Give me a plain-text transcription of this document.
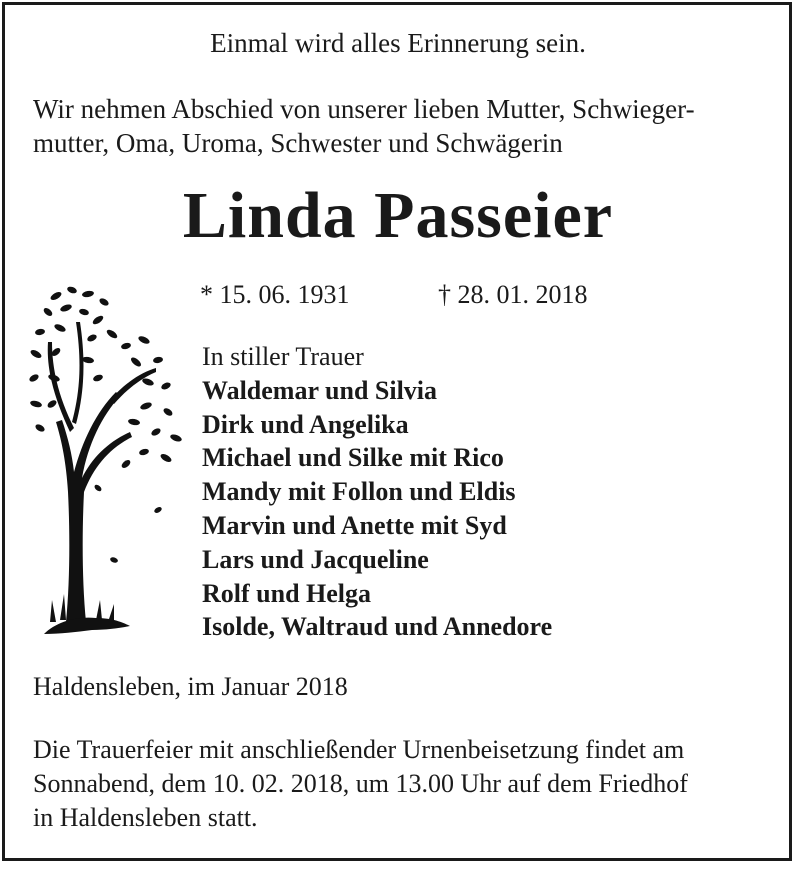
Einmal wird alles Erinnerung sein.
Wir nehmen Abschied von unserer lieben Mutter, Schwieger-
mutter, Oma, Uroma, Schwester und Schwägerin
Linda Passeier
* 15. 06. 1931	† 28. 01. 2018
In stiller Trauer
Waldemar und Silvia
Dirk und Angelika
Michael und Silke mit Rico
Mandy mit Follon und Eldis
Marvin und Anette mit Syd
Lars und Jacqueline
Rolf und Helga
Isolde, Waltraud und Annedore
Haldensleben, im Januar 2018
Die Trauerfeier mit anschließender Urnenbeisetzung findet am
Sonnabend, dem 10. 02. 2018, um 13.00 Uhr auf dem Friedhof
in Haldensleben statt.
